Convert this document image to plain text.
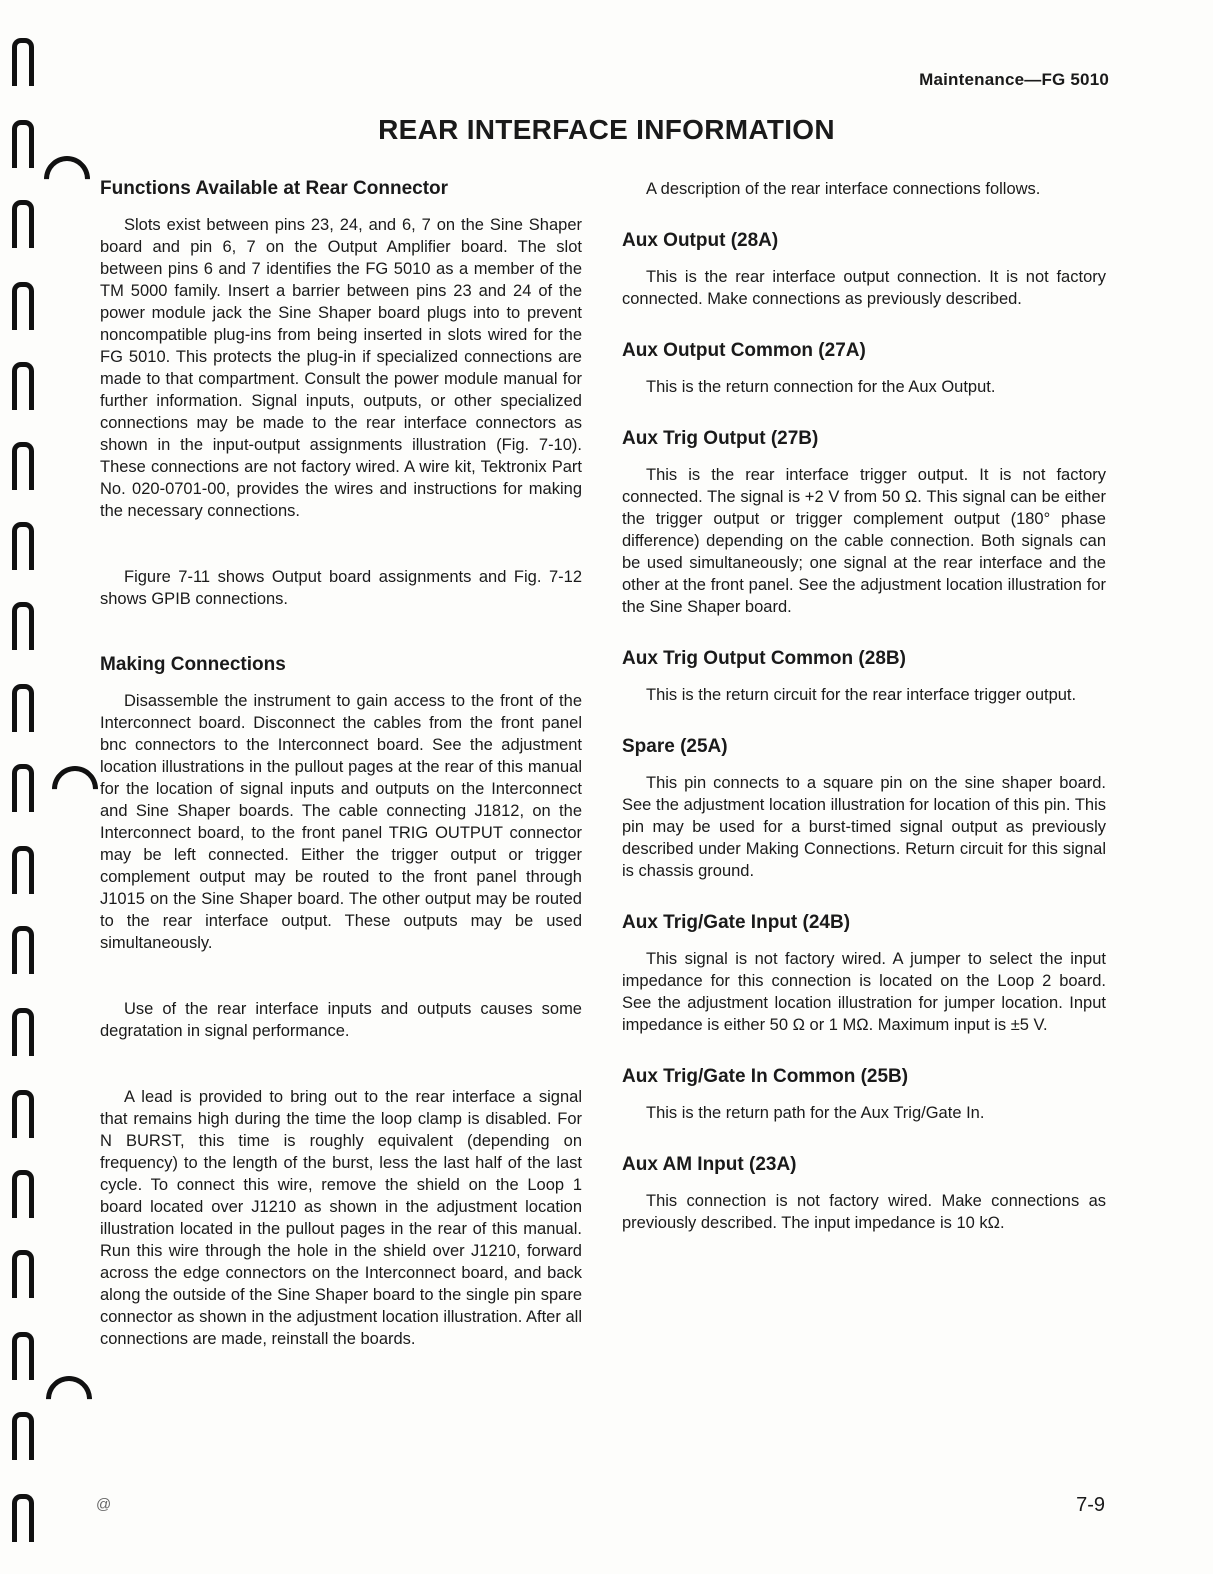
Maintenance—FG 5010
REAR INTERFACE INFORMATION
Functions Available at Rear Connector

Slots exist between pins 23, 24, and 6, 7 on the Sine Shaper board and pin 6, 7 on the Output Amplifier board. The slot between pins 6 and 7 identifies the FG 5010 as a member of the TM 5000 family. Insert a barrier between pins 23 and 24 of the power module jack the Sine Shaper board plugs into to prevent noncompatible plug-ins from being inserted in slots wired for the FG 5010. This protects the plug-in if specialized connections are made to that compartment. Consult the power module manual for further information. Signal inputs, outputs, or other specialized connections may be made to the rear interface connectors as shown in the input-output assignments illustration (Fig. 7-10). These connections are not factory wired. A wire kit, Tektronix Part No. 020-0701-00, provides the wires and instructions for making the necessary connections.

Figure 7-11 shows Output board assignments and Fig. 7-12 shows GPIB connections.

Making Connections

Disassemble the instrument to gain access to the front of the Interconnect board. Disconnect the cables from the front panel bnc connectors to the Interconnect board. See the adjustment location illustrations in the pullout pages at the rear of this manual for the location of signal inputs and outputs on the Interconnect and Sine Shaper boards. The cable connecting J1812, on the Interconnect board, to the front panel TRIG OUTPUT connector may be left connected. Either the trigger output or trigger complement output may be routed to the front panel through J1015 on the Sine Shaper board. The other output may be routed to the rear interface output. These outputs may be used simultaneously.

Use of the rear interface inputs and outputs causes some degratation in signal performance.

A lead is provided to bring out to the rear interface a signal that remains high during the time the loop clamp is disabled. For N BURST, this time is roughly equivalent (depending on frequency) to the length of the burst, less the last half of the last cycle. To connect this wire, remove the shield on the Loop 1 board located over J1210 as shown in the adjustment location illustration located in the pullout pages in the rear of this manual. Run this wire through the hole in the shield over J1210, forward across the edge connectors on the Interconnect board, and back along the outside of the Sine Shaper board to the single pin spare connector as shown in the adjustment location illustration. After all connections are made, reinstall the boards.

A description of the rear interface connections follows.

Aux Output (28A)

This is the rear interface output connection. It is not factory connected. Make connections as previously described.

Aux Output Common (27A)

This is the return connection for the Aux Output.

Aux Trig Output (27B)

This is the rear interface trigger output. It is not factory connected. The signal is +2 V from 50 Ω. This signal can be either the trigger output or trigger complement output (180° phase difference) depending on the cable connection. Both signals can be used simultaneously; one signal at the rear interface and the other at the front panel. See the adjustment location illustration for the Sine Shaper board.

Aux Trig Output Common (28B)

This is the return circuit for the rear interface trigger output.

Spare (25A)

This pin connects to a square pin on the sine shaper board. See the adjustment location illustration for location of this pin. This pin may be used for a burst-timed signal output as previously described under Making Connections. Return circuit for this signal is chassis ground.

Aux Trig/Gate Input (24B)

This signal is not factory wired. A jumper to select the input impedance for this connection is located on the Loop 2 board. See the adjustment location illustration for jumper location. Input impedance is either 50 Ω or 1 MΩ. Maximum input is ±5 V.

Aux Trig/Gate In Common (25B)

This is the return path for the Aux Trig/Gate In.

Aux AM Input (23A)

This connection is not factory wired. Make connections as previously described. The input impedance is 10 kΩ.

@	7-9
